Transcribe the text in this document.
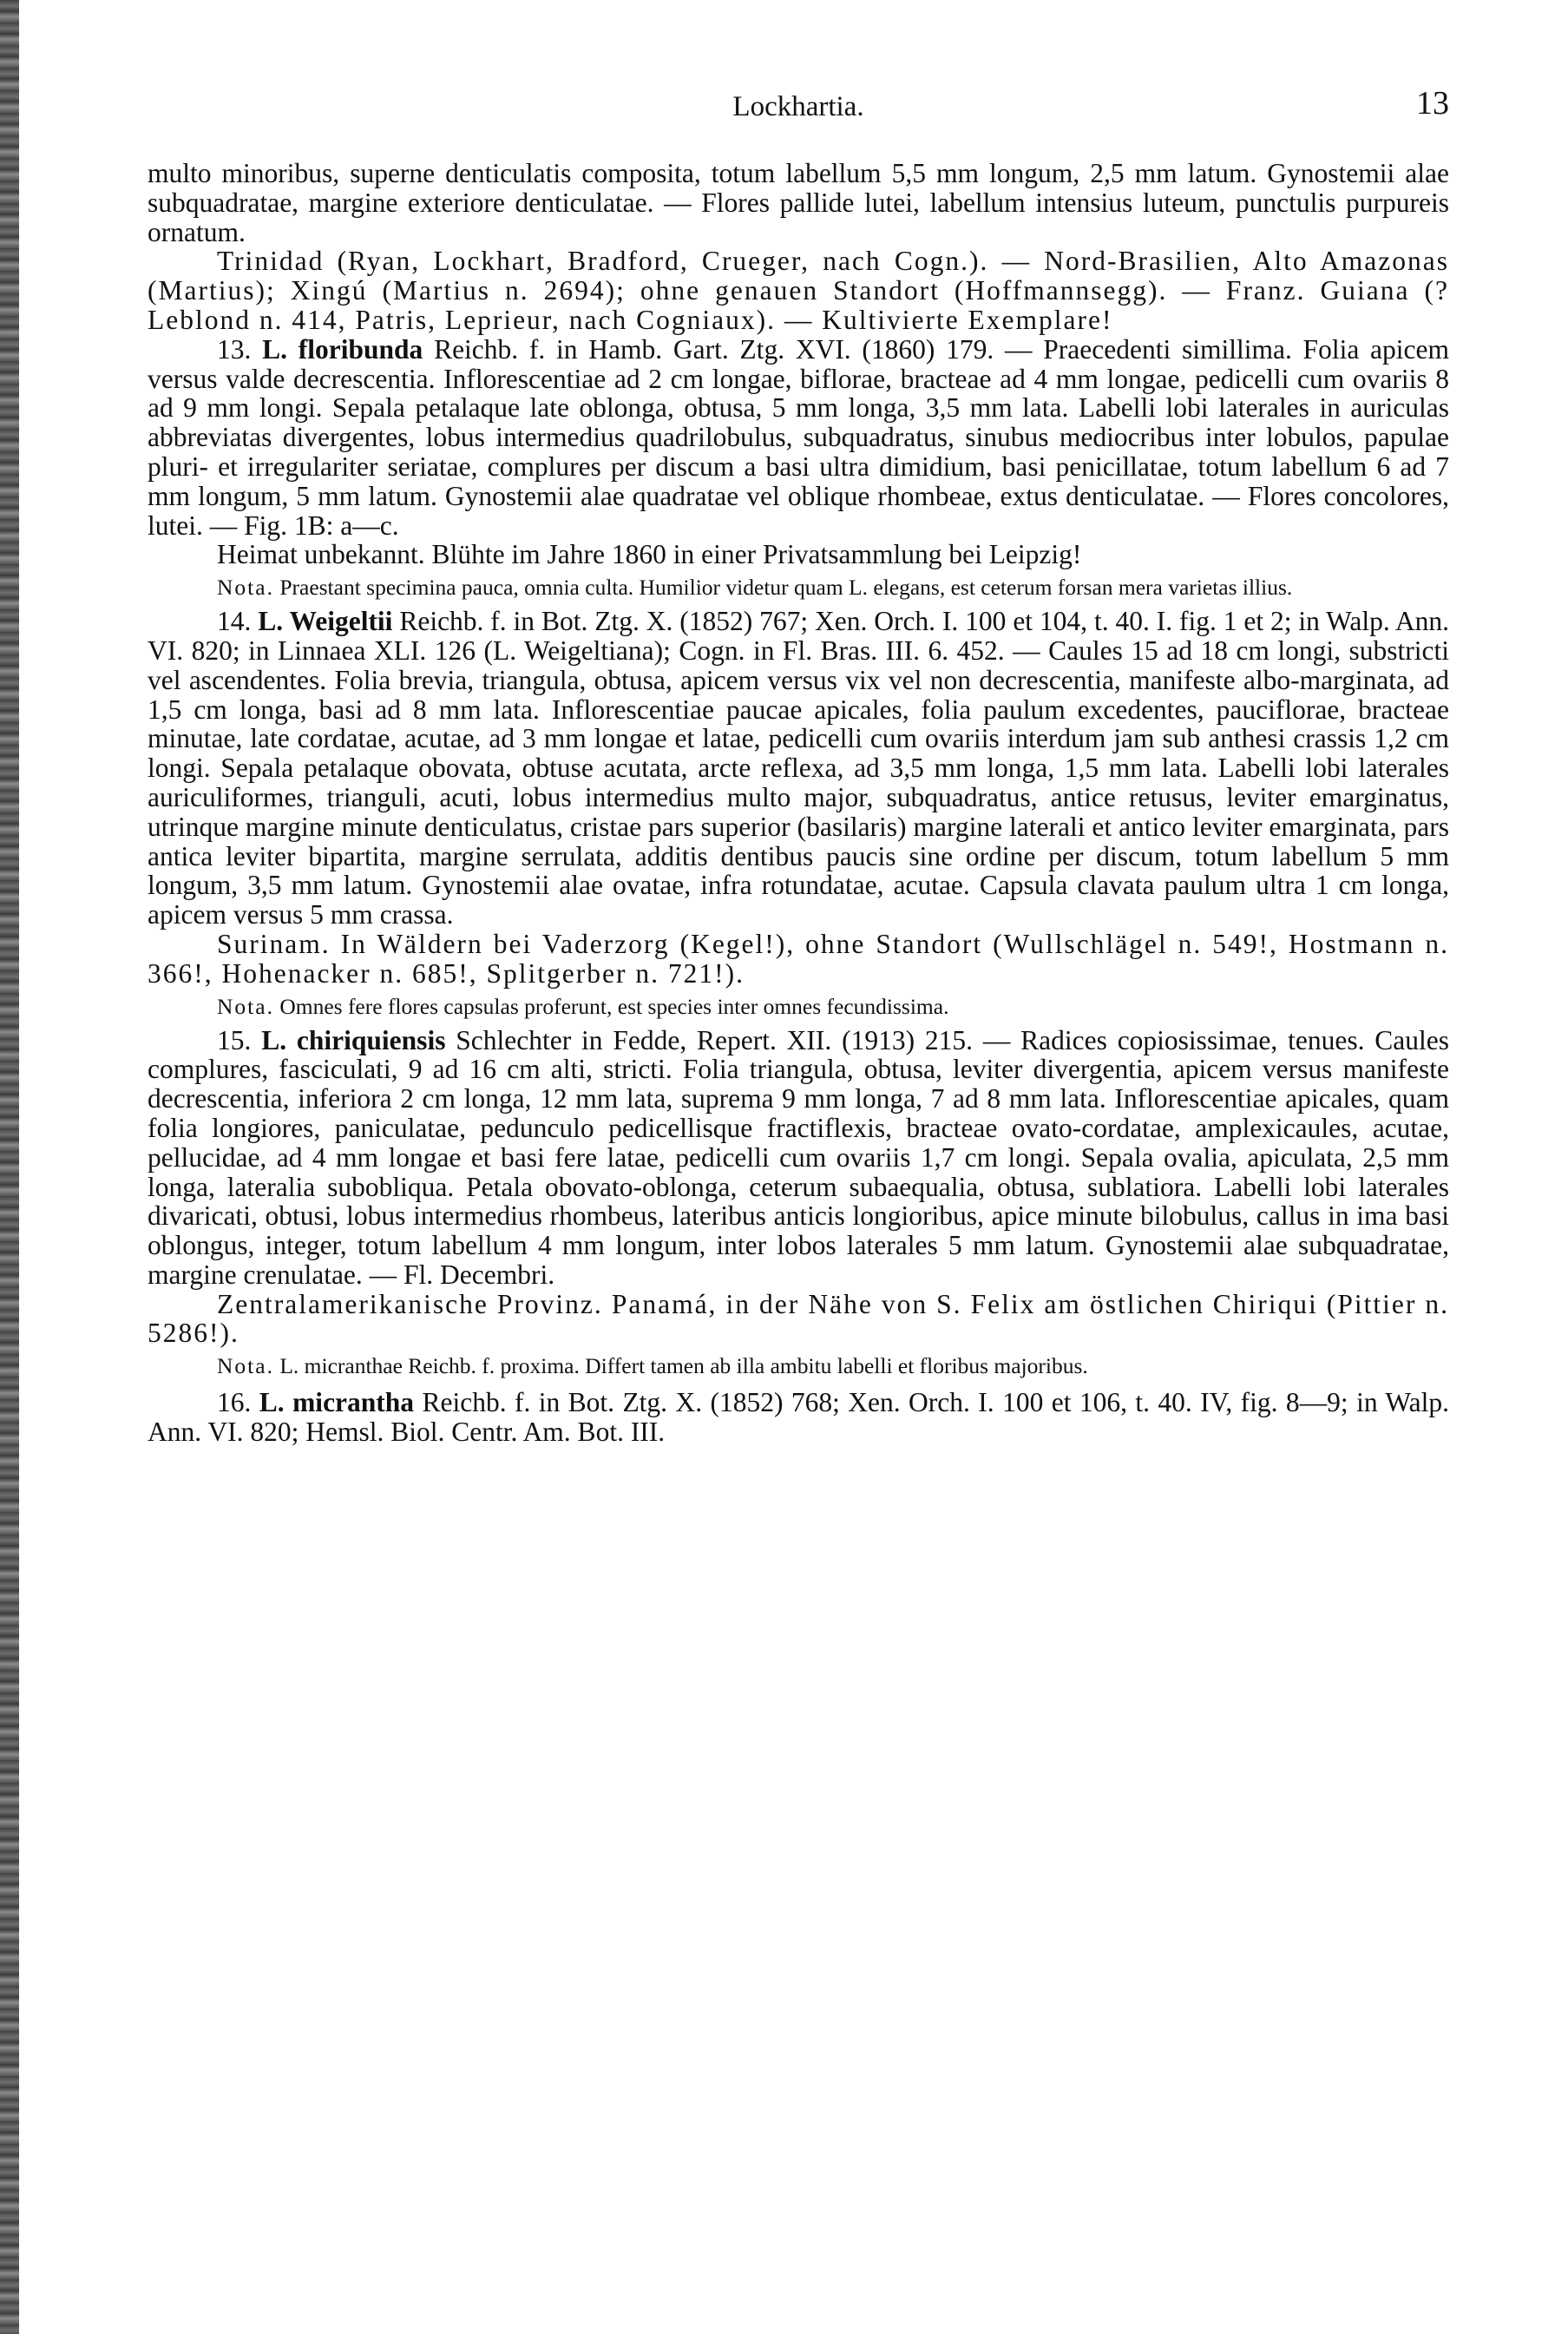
Lockhartia.	13

multo minoribus, superne denticulatis composita, totum labellum 5,5 mm longum, 2,5 mm latum. Gynostemii alae subquadratae, margine exteriore denticulatae. — Flores pallide lutei, labellum intensius luteum, punctulis purpureis ornatum.

Trinidad (Ryan, Lockhart, Bradford, Crueger, nach Cogn.). — Nord-Brasilien, Alto Amazonas (Martius); Xingú (Martius n. 2694); ohne genauen Standort (Hoffmannsegg). — Franz. Guiana (?Leblond n. 414, Patris, Leprieur, nach Cogniaux). — Kultivierte Exemplare!

13. L. floribunda Reichb. f. in Hamb. Gart. Ztg. XVI. (1860) 179. — Praecedenti simillima. Folia apicem versus valde decrescentia. Inflorescentiae ad 2 cm longae, biflorae, bracteae ad 4 mm longae, pedicelli cum ovariis 8 ad 9 mm longi. Sepala petalaque late oblonga, obtusa, 5 mm longa, 3,5 mm lata. Labelli lobi laterales in auriculas abbreviatas divergentes, lobus intermedius quadrilobulus, subquadratus, sinubus mediocribus inter lobulos, papulae pluri- et irregulariter seriatae, complures per discum a basi ultra dimidium, basi penicillatae, totum labellum 6 ad 7 mm longum, 5 mm latum. Gynostemii alae quadratae vel oblique rhombeae, extus denticulatae. — Flores concolores, lutei. — Fig. 1B: a—c.

Heimat unbekannt. Blühte im Jahre 1860 in einer Privatsammlung bei Leipzig!

Nota. Praestant specimina pauca, omnia culta. Humilior videtur quam L. elegans, est ceterum forsan mera varietas illius.

14. L. Weigeltii Reichb. f. in Bot. Ztg. X. (1852) 767; Xen. Orch. I. 100 et 104, t. 40. I. fig. 1 et 2; in Walp. Ann. VI. 820; in Linnaea XLI. 126 (L. Weigeltiana); Cogn. in Fl. Bras. III. 6. 452. — Caules 15 ad 18 cm longi, substricti vel ascendentes. Folia brevia, triangula, obtusa, apicem versus vix vel non decrescentia, manifeste albo-marginata, ad 1,5 cm longa, basi ad 8 mm lata. Inflorescentiae paucae apicales, folia paulum excedentes, pauciflorae, bracteae minutae, late cordatae, acutae, ad 3 mm longae et latae, pedicelli cum ovariis interdum jam sub anthesi crassis 1,2 cm longi. Sepala petalaque obovata, obtuse acutata, arcte reflexa, ad 3,5 mm longa, 1,5 mm lata. Labelli lobi laterales auriculiformes, trianguli, acuti, lobus intermedius multo major, subquadratus, antice retusus, leviter emarginatus, utrinque margine minute denticulatus, cristae pars superior (basilaris) margine laterali et antico leviter emarginata, pars antica leviter bipartita, margine serrulata, additis dentibus paucis sine ordine per discum, totum labellum 5 mm longum, 3,5 mm latum. Gynostemii alae ovatae, infra rotundatae, acutae. Capsula clavata paulum ultra 1 cm longa, apicem versus 5 mm crassa.

Surinam. In Wäldern bei Vaderzorg (Kegel!), ohne Standort (Wullschlägel n. 549!, Hostmann n. 366!, Hohenacker n. 685!, Splitgerber n. 721!).

Nota. Omnes fere flores capsulas proferunt, est species inter omnes fecundissima.

15. L. chiriquiensis Schlechter in Fedde, Repert. XII. (1913) 215. — Radices copiosissimae, tenues. Caules complures, fasciculati, 9 ad 16 cm alti, stricti. Folia triangula, obtusa, leviter divergentia, apicem versus manifeste decrescentia, inferiora 2 cm longa, 12 mm lata, suprema 9 mm longa, 7 ad 8 mm lata. Inflorescentiae apicales, quam folia longiores, paniculatae, pedunculo pedicellisque fractiflexis, bracteae ovato-cordatae, amplexicaules, acutae, pellucidae, ad 4 mm longae et basi fere latae, pedicelli cum ovariis 1,7 cm longi. Sepala ovalia, apiculata, 2,5 mm longa, lateralia subobliqua. Petala obovato-oblonga, ceterum subaequalia, obtusa, sublatiora. Labelli lobi laterales divaricati, obtusi, lobus intermedius rhombeus, lateribus anticis longioribus, apice minute bilobulus, callus in ima basi oblongus, integer, totum labellum 4 mm longum, inter lobos laterales 5 mm latum. Gynostemii alae subquadratae, margine crenulatae. — Fl. Decembri.

Zentralamerikanische Provinz. Panamá, in der Nähe von S. Felix am östlichen Chiriqui (Pittier n. 5286!).

Nota. L. micranthae Reichb. f. proxima. Differt tamen ab illa ambitu labelli et floribus majoribus.

16. L. micrantha Reichb. f. in Bot. Ztg. X. (1852) 768; Xen. Orch. I. 100 et 106, t. 40. IV, fig. 8—9; in Walp. Ann. VI. 820; Hemsl. Biol. Centr. Am. Bot. III.
